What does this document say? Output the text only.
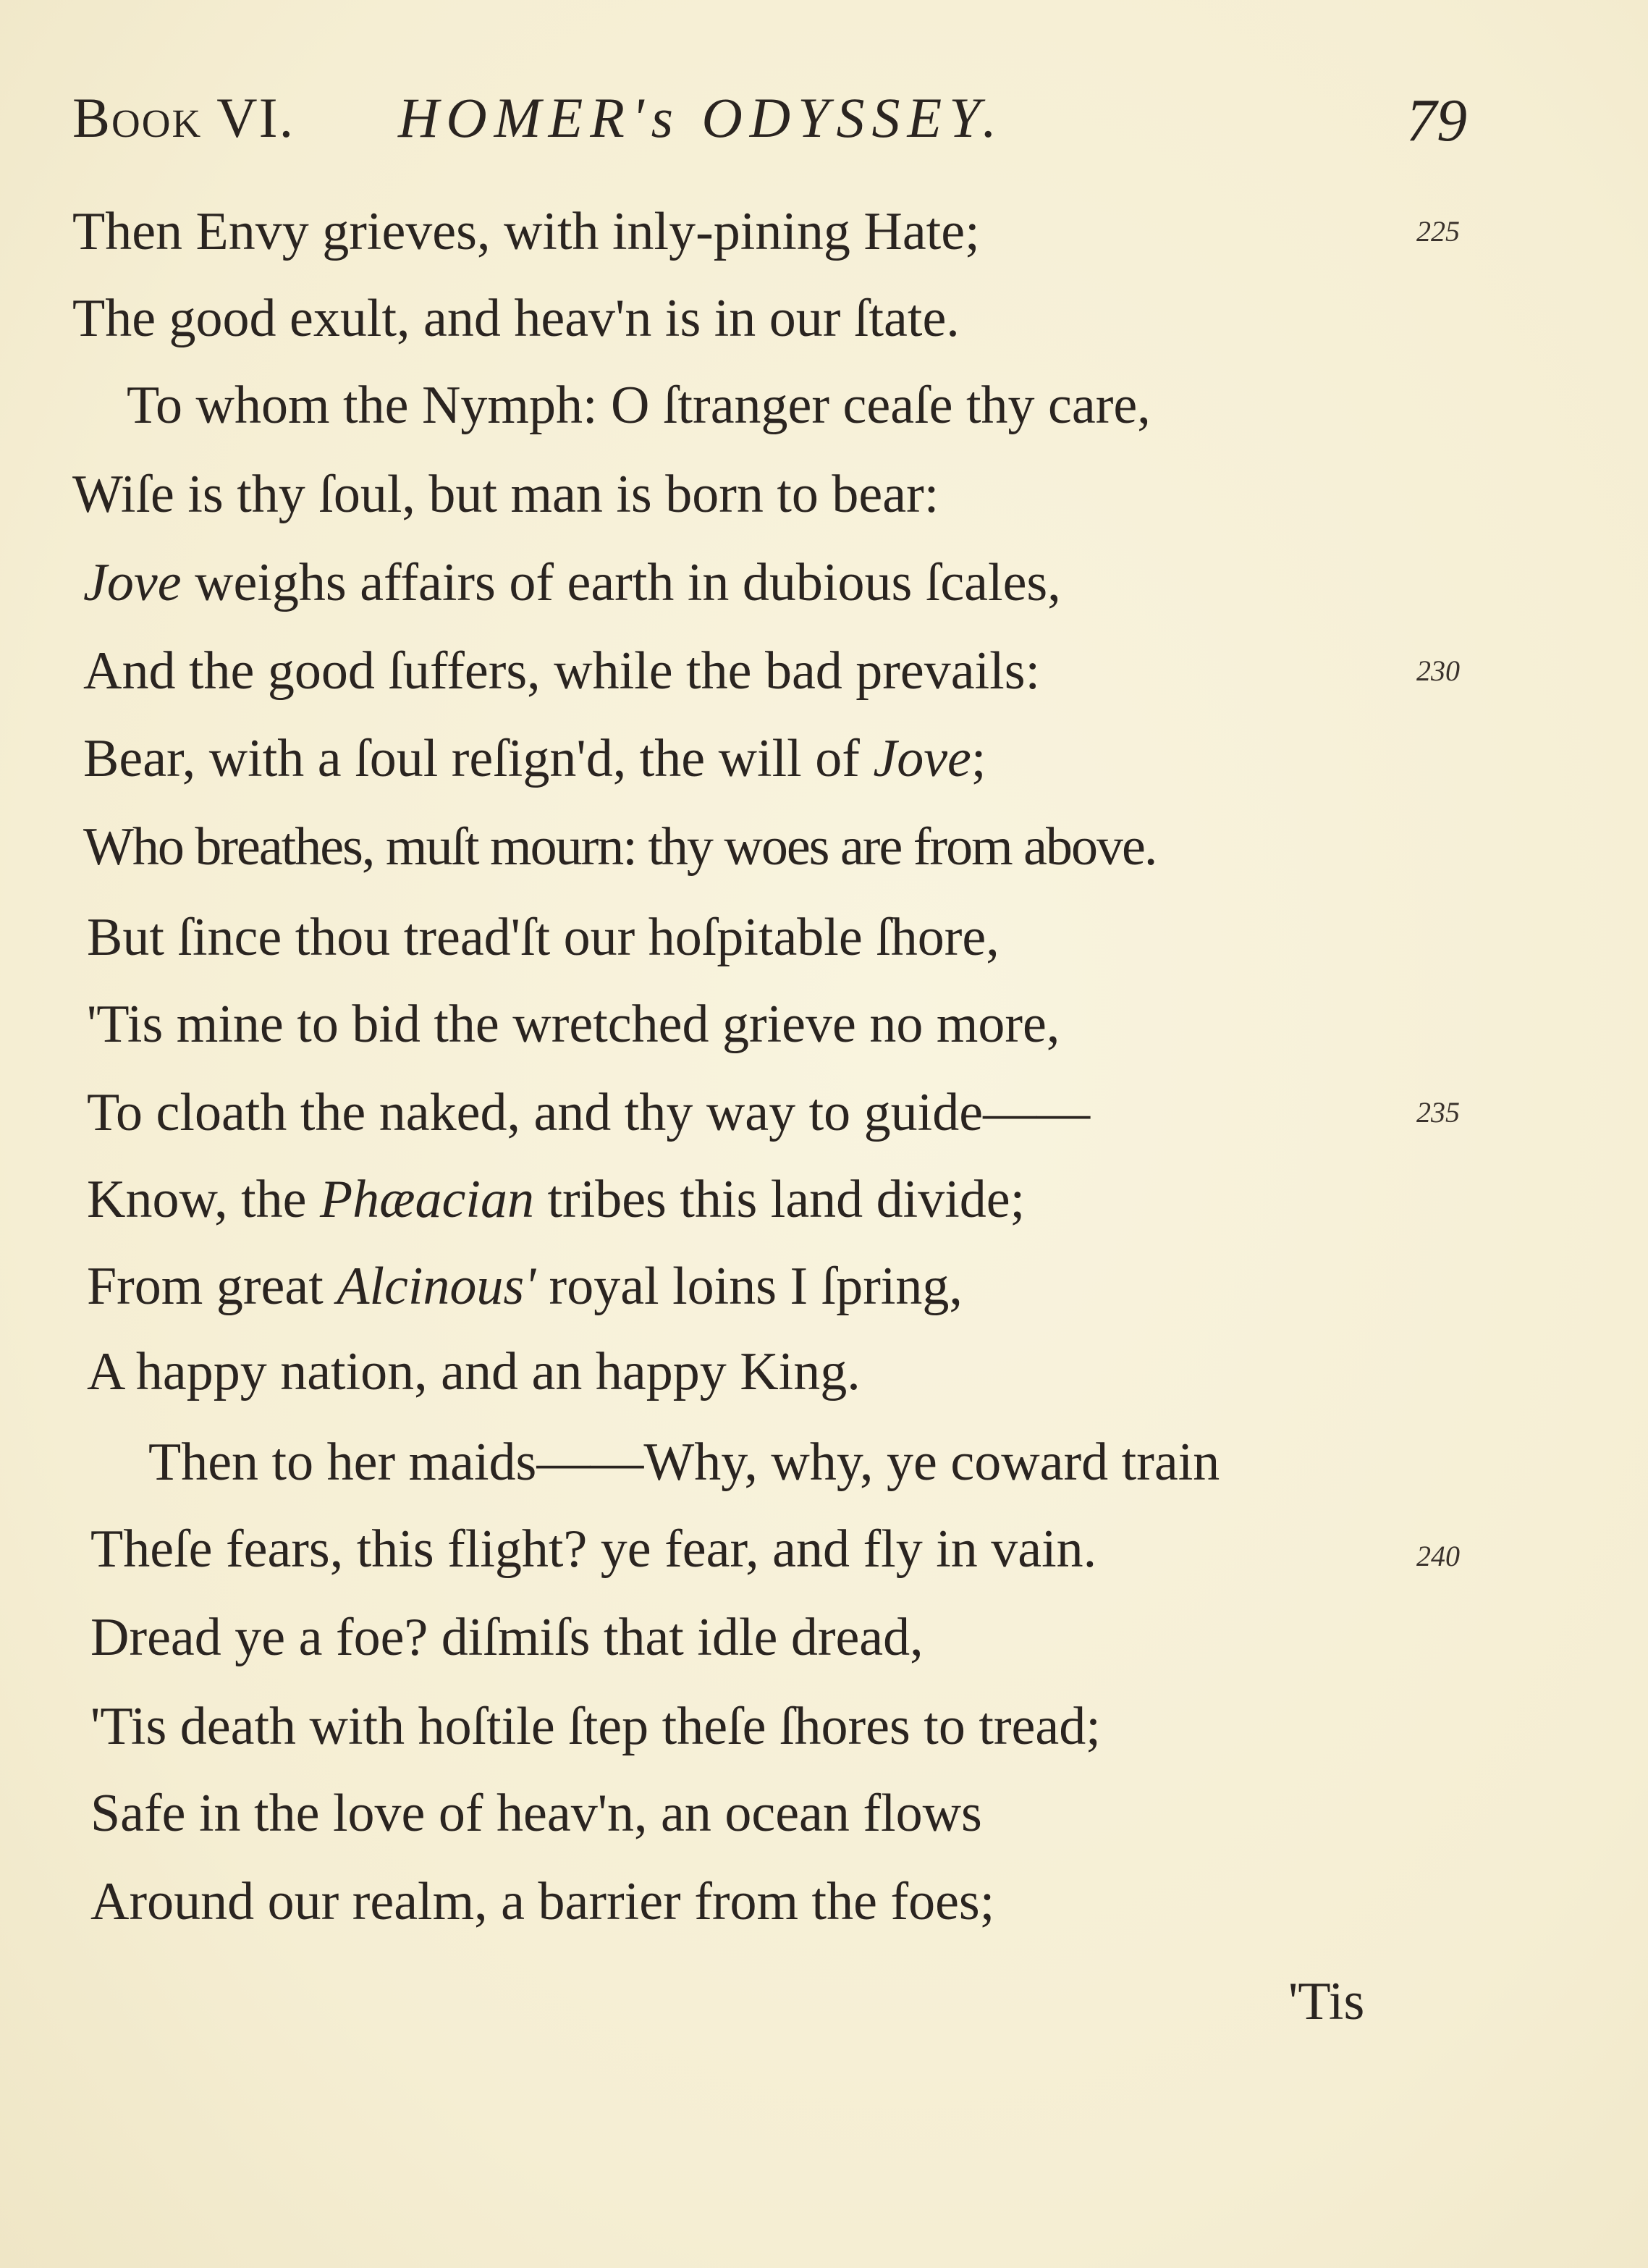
Book VI. HOMER's ODYSSEY.	79
Then Envy grieves, with inly-pining Hate;
The good exult, and heav'n is in our ſtate.
To whom the Nymph: O ſtranger ceaſe thy care,
Wiſe is thy ſoul, but man is born to bear:
Jove weighs affairs of earth in dubious ſcales,
And the good ſuffers, while the bad prevails:
Bear, with a ſoul reſign'd, the will of Jove;
Who breathes, muſt mourn: thy woes are from above.
But ſince thou tread'ſt our hoſpitable ſhore,
'Tis mine to bid the wretched grieve no more,
To cloath the naked, and thy way to guide——
Know, the Phæacian tribes this land divide;
From great Alcinous' royal loins I ſpring,
A happy nation, and an happy King.
Then to her maids——Why, why, ye coward train
Theſe fears, this flight? ye fear, and fly in vain.
Dread ye a foe? diſmiſs that idle dread,
'Tis death with hoſtile ſtep theſe ſhores to tread;
Safe in the love of heav'n, an ocean flows
Around our realm, a barrier from the foes;
225
230
235
240
'Tis
